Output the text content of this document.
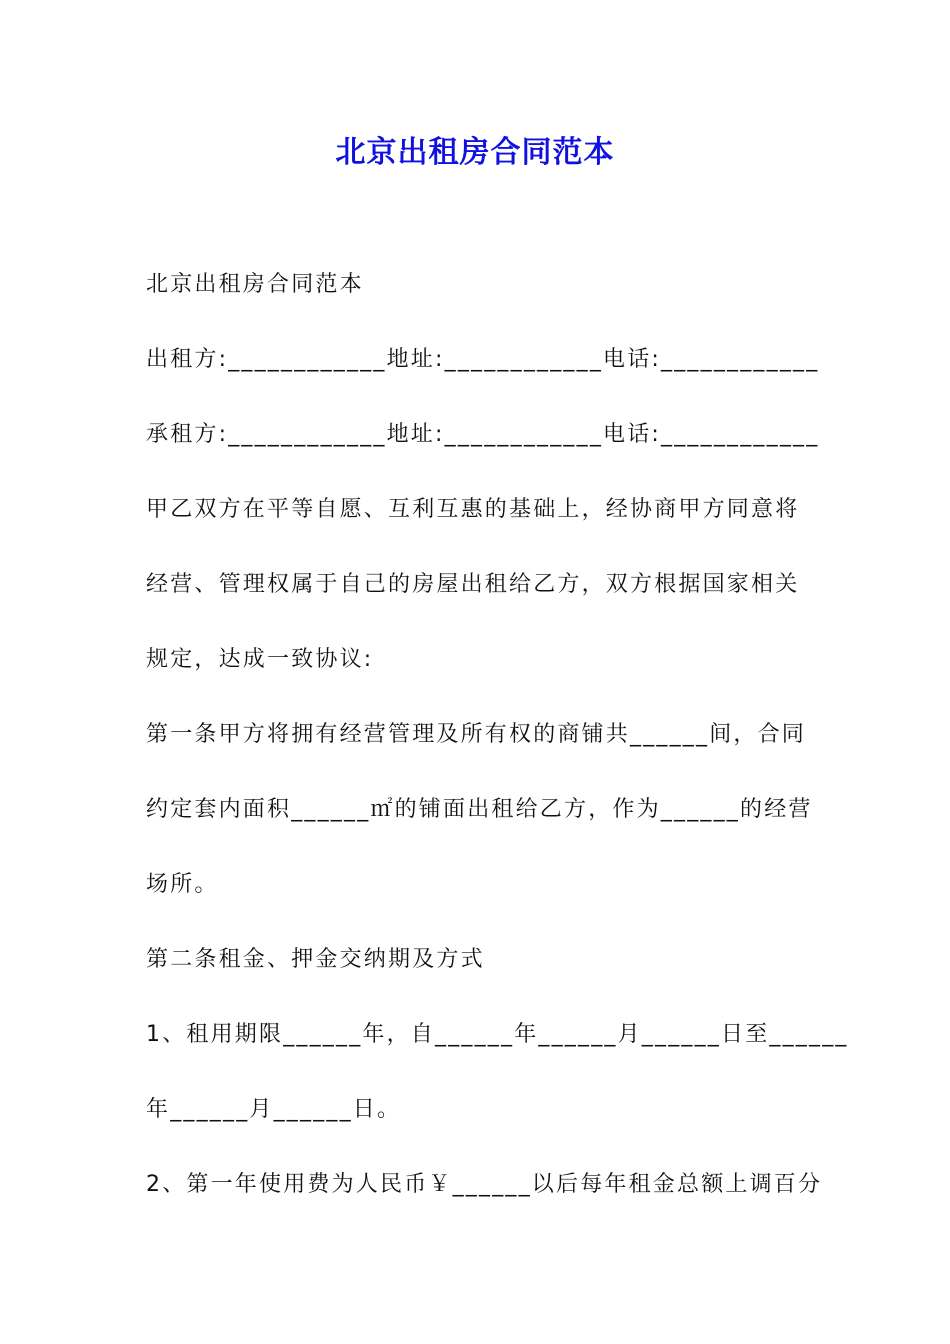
北京出租房合同范本
北京出租房合同范本
出租方:____________地址:____________电话:____________
承租方:____________地址:____________电话:____________
甲乙双方在平等自愿、互利互惠的基础上，经协商甲方同意将
经营、管理权属于自己的房屋出租给乙方，双方根据国家相关
规定，达成一致协议:
第一条甲方将拥有经营管理及所有权的商铺共______间，合同
约定套内面积______㎡的铺面出租给乙方，作为______的经营
场所。
第二条租金、押金交纳期及方式
1、租用期限______年，自______年______月______日至______
年______月______日。
2、第一年使用费为人民币￥______以后每年租金总额上调百分
